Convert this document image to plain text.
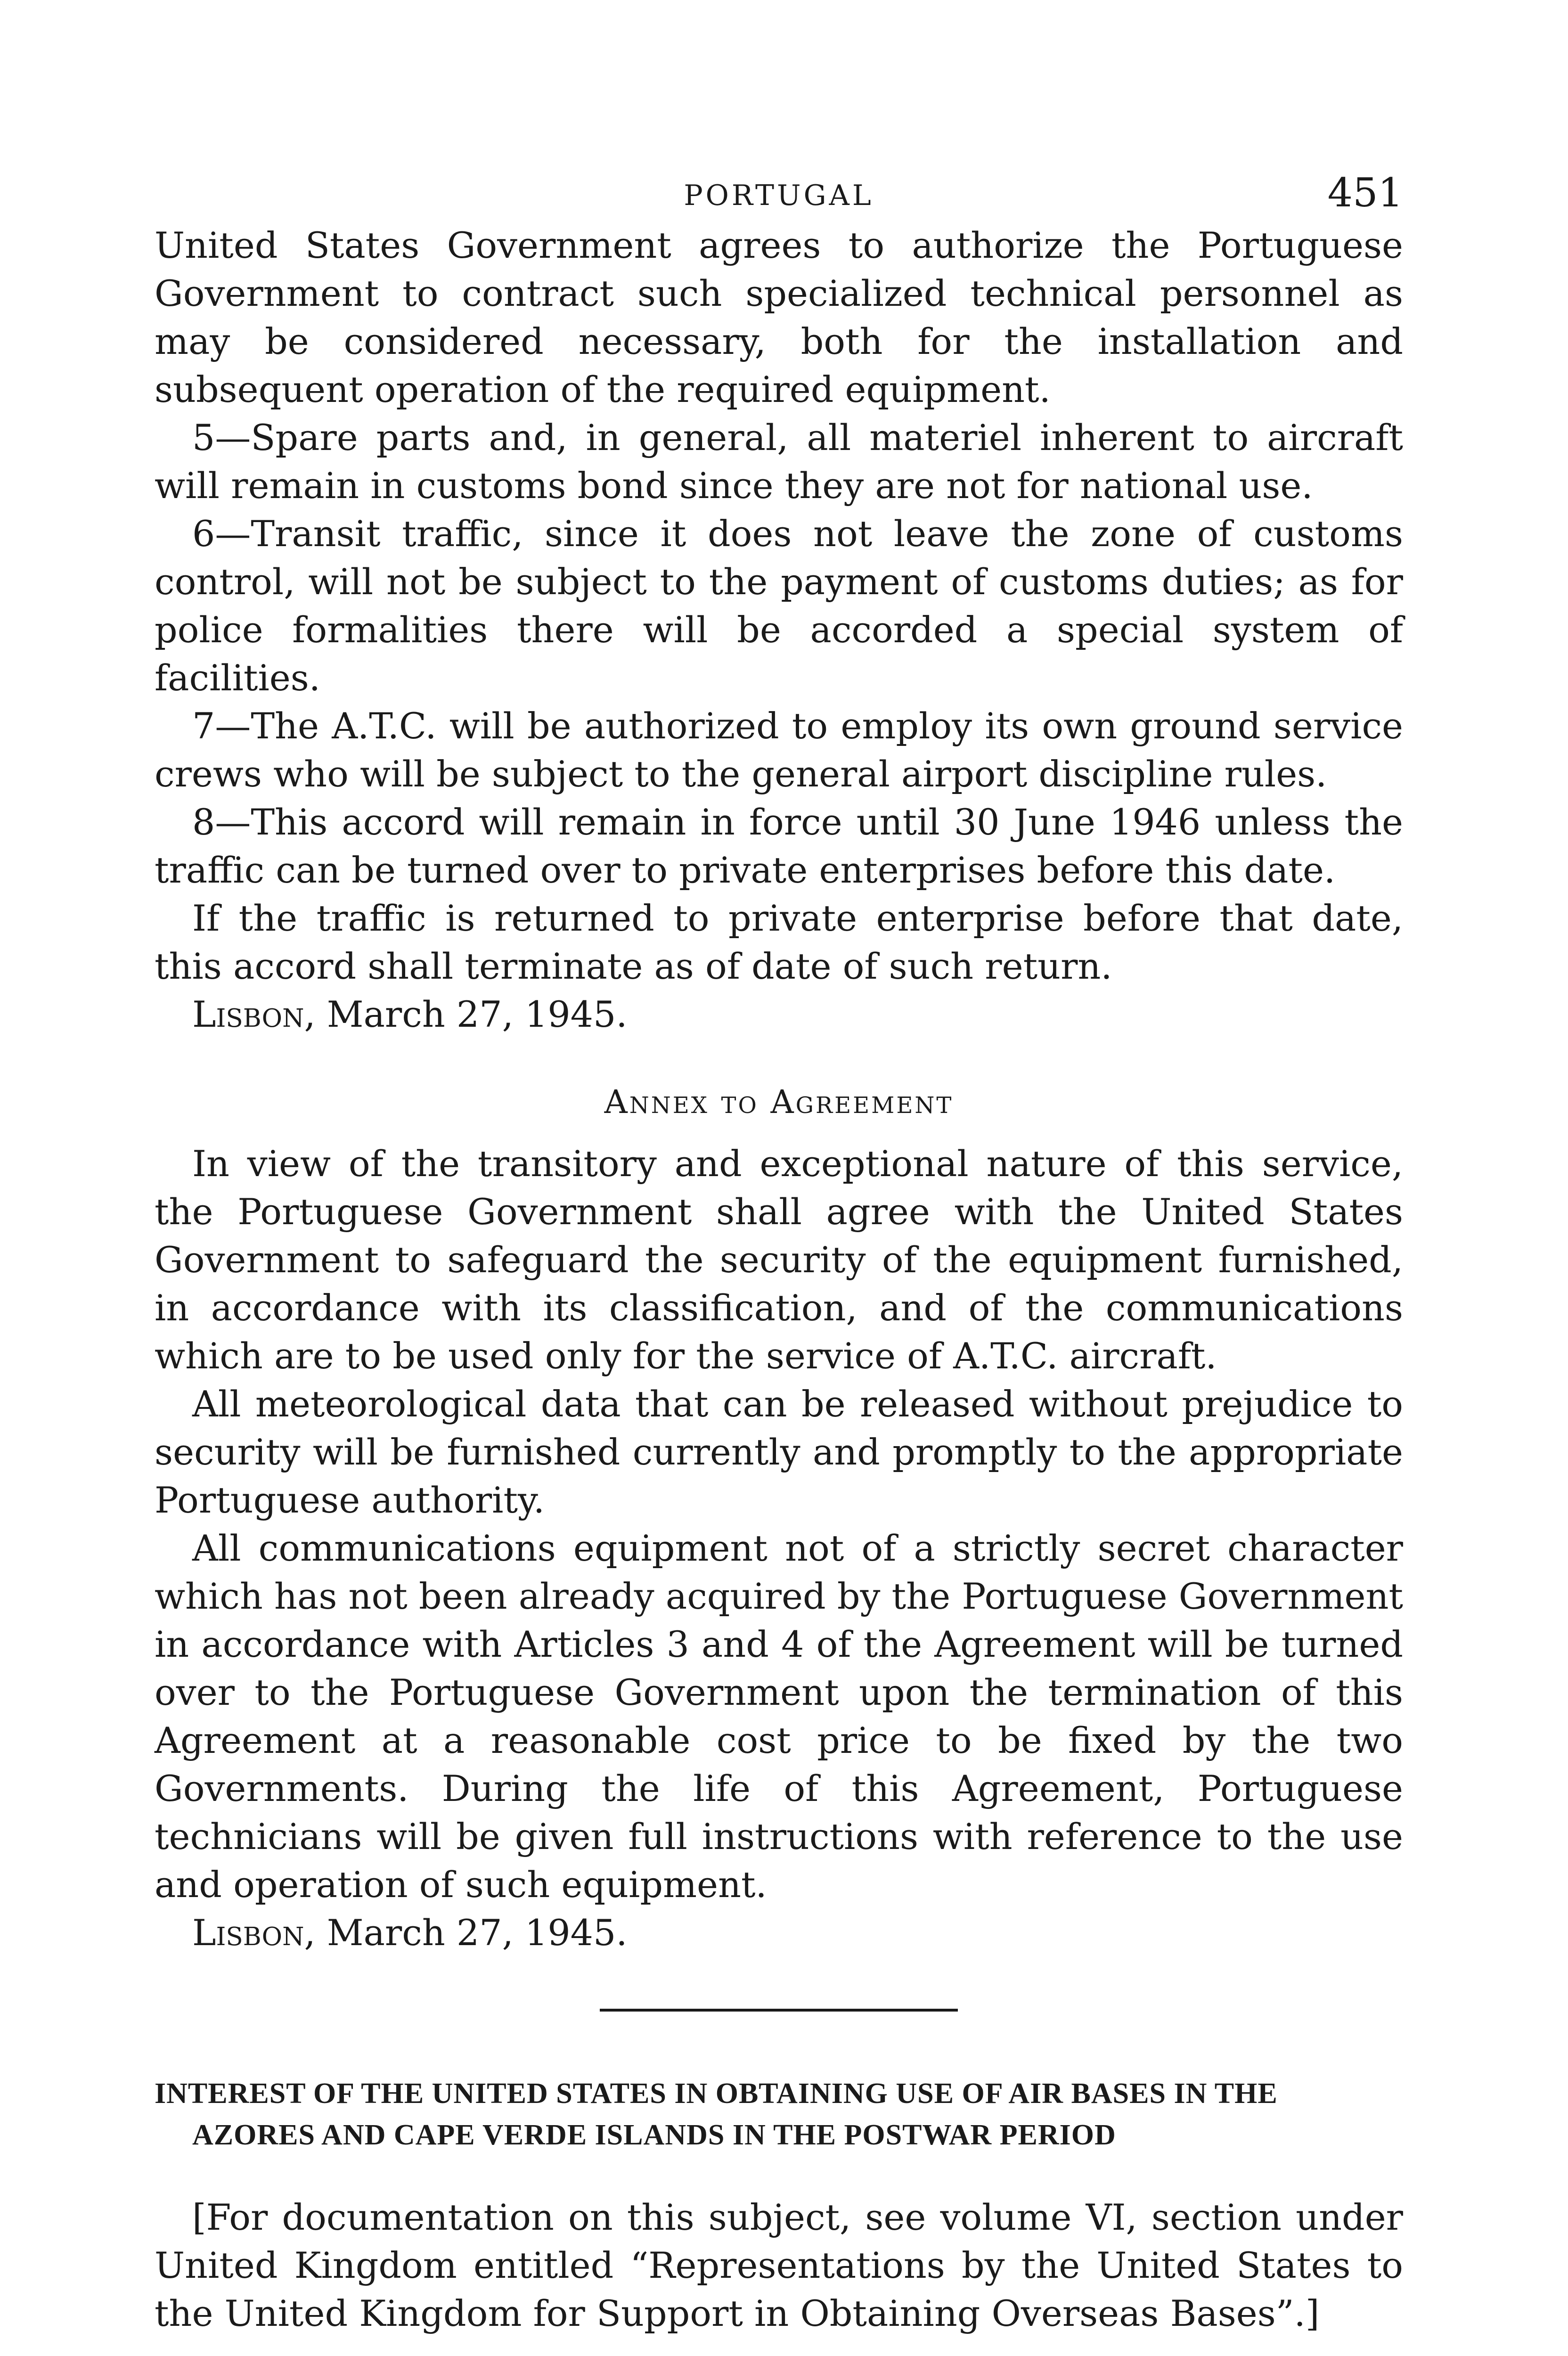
PORTUGAL	451

United States Government agrees to authorize the Portuguese Government to contract such specialized technical personnel as may be considered necessary, both for the installation and subsequent operation of the required equipment.

5—Spare parts and, in general, all materiel inherent to aircraft will remain in customs bond since they are not for national use.

6—Transit traffic, since it does not leave the zone of customs control, will not be subject to the payment of customs duties; as for police formalities there will be accorded a special system of facilities.

7—The A.T.C. will be authorized to employ its own ground service crews who will be subject to the general airport discipline rules.

8—This accord will remain in force until 30 June 1946 unless the traffic can be turned over to private enterprises before this date.

If the traffic is returned to private enterprise before that date, this accord shall terminate as of date of such return.

Lisbon, March 27, 1945.

Annex to Agreement

In view of the transitory and exceptional nature of this service, the Portuguese Government shall agree with the United States Government to safeguard the security of the equipment furnished, in accordance with its classification, and of the communications which are to be used only for the service of A.T.C. aircraft.

All meteorological data that can be released without prejudice to security will be furnished currently and promptly to the appropriate Portuguese authority.

All communications equipment not of a strictly secret character which has not been already acquired by the Portuguese Government in accordance with Articles 3 and 4 of the Agreement will be turned over to the Portuguese Government upon the termination of this Agreement at a reasonable cost price to be fixed by the two Governments. During the life of this Agreement, Portuguese technicians will be given full instructions with reference to the use and operation of such equipment.

Lisbon, March 27, 1945.

INTEREST OF THE UNITED STATES IN OBTAINING USE OF AIR BASES IN THE AZORES AND CAPE VERDE ISLANDS IN THE POSTWAR PERIOD

[For documentation on this subject, see volume VI, section under United Kingdom entitled “Representations by the United States to the United Kingdom for Support in Obtaining Overseas Bases”.]
